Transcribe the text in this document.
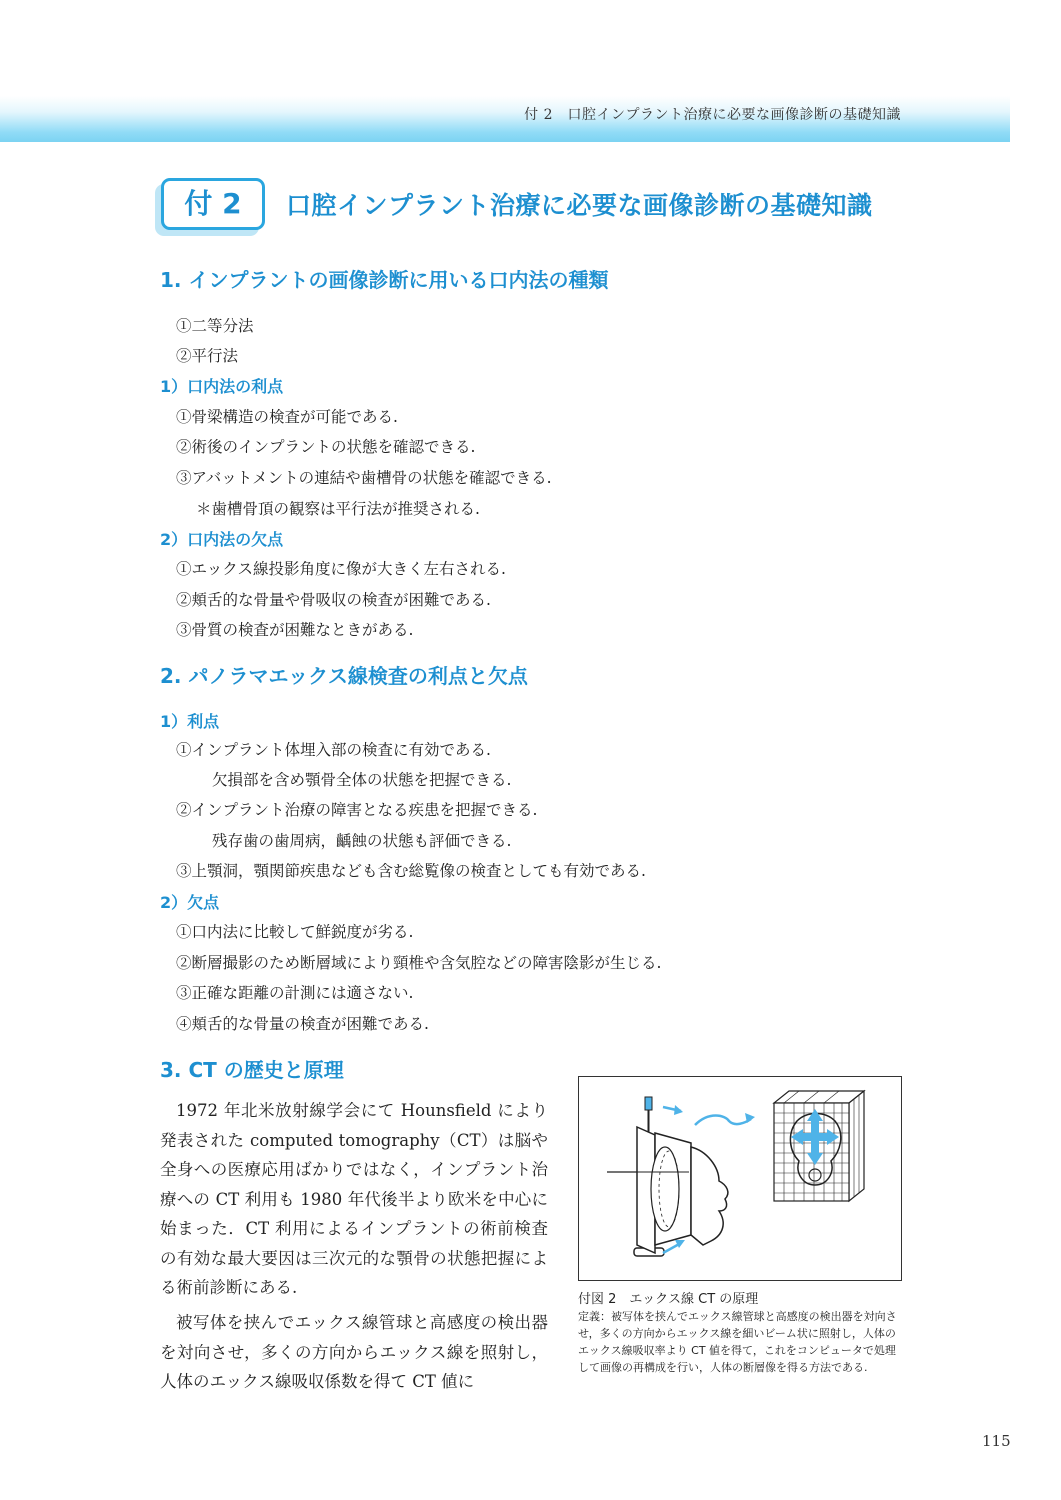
付 2　口腔インプラント治療に必要な画像診断の基礎知識
付 2	口腔インプラント治療に必要な画像診断の基礎知識
1. インプラントの画像診断に用いる口内法の種類
①二等分法
②平行法
1）口内法の利点
①骨梁構造の検査が可能である.
②術後のインプラントの状態を確認できる.
③アバットメントの連結や歯槽骨の状態を確認できる.
＊歯槽骨頂の観察は平行法が推奨される.
2）口内法の欠点
①エックス線投影角度に像が大きく左右される.
②頬舌的な骨量や骨吸収の検査が困難である.
③骨質の検査が困難なときがある.
2. パノラマエックス線検査の利点と欠点
1）利点
①インプラント体埋入部の検査に有効である.
欠損部を含め顎骨全体の状態を把握できる.
②インプラント治療の障害となる疾患を把握できる.
残存歯の歯周病，齲蝕の状態も評価できる.
③上顎洞，顎関節疾患なども含む総覧像の検査としても有効である.
2）欠点
①口内法に比較して鮮鋭度が劣る.
②断層撮影のため断層域により頸椎や含気腔などの障害陰影が生じる.
③正確な距離の計測には適さない.
④頬舌的な骨量の検査が困難である.
3. CT の歴史と原理

1972 年北米放射線学会にて Hounsfield により発表された computed tomography（CT）は脳や全身への医療応用ばかりではなく，インプラント治療への CT 利用も 1980 年代後半より欧米を中心に始まった．CT 利用によるインプラントの術前検査の有効な最大要因は三次元的な顎骨の状態把握による術前診断にある.

被写体を挟んでエックス線管球と高感度の検出器を対向させ，多くの方向からエックス線を照射し，人体のエックス線吸収係数を得て CT 値に

付図 2　エックス線 CT の原理

定義：被写体を挟んでエックス線管球と高感度の検出器を対向させ，多くの方向からエックス線を細いビーム状に照射し，人体のエックス線吸収率より CT 値を得て，これをコンピュータで処理して画像の再構成を行い，人体の断層像を得る方法である.

115
